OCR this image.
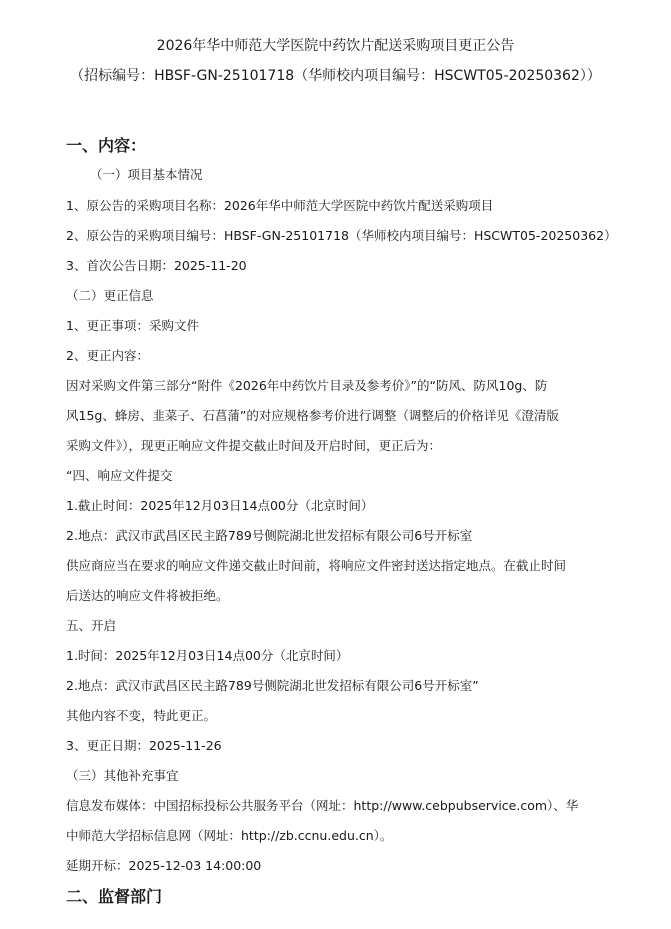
2026年华中师范大学医院中药饮片配送采购项目更正公告
（招标编号：HBSF-GN-25101718（华师校内项目编号：HSCWT05-20250362））
一、内容：
（一）项目基本情况
1、原公告的采购项目名称：2026年华中师范大学医院中药饮片配送采购项目
2、原公告的采购项目编号：HBSF-GN-25101718（华师校内项目编号：HSCWT05-20250362）
3、首次公告日期：2025-11-20
（二）更正信息
1、更正事项：采购文件
2、更正内容：
因对采购文件第三部分“附件《2026年中药饮片目录及参考价》”的“防风、防风10g、防
风15g、蜂房、韭菜子、石菖蒲”的对应规格参考价进行调整（调整后的价格详见《澄清版
采购文件》），现更正响应文件提交截止时间及开启时间，更正后为：
“四、响应文件提交
1.截止时间：2025年12月03日14点00分（北京时间）
2.地点：武汉市武昌区民主路789号侧院湖北世发招标有限公司6号开标室
供应商应当在要求的响应文件递交截止时间前，将响应文件密封送达指定地点。在截止时间
后送达的响应文件将被拒绝。
五、开启
1.时间：2025年12月03日14点00分（北京时间）
2.地点：武汉市武昌区民主路789号侧院湖北世发招标有限公司6号开标室”
其他内容不变，特此更正。
3、更正日期：2025-11-26
（三）其他补充事宜
信息发布媒体：中国招标投标公共服务平台（网址：http://www.cebpubservice.com）、华
中师范大学招标信息网（网址：http://zb.ccnu.edu.cn）。
延期开标：2025-12-03 14:00:00
二、监督部门
